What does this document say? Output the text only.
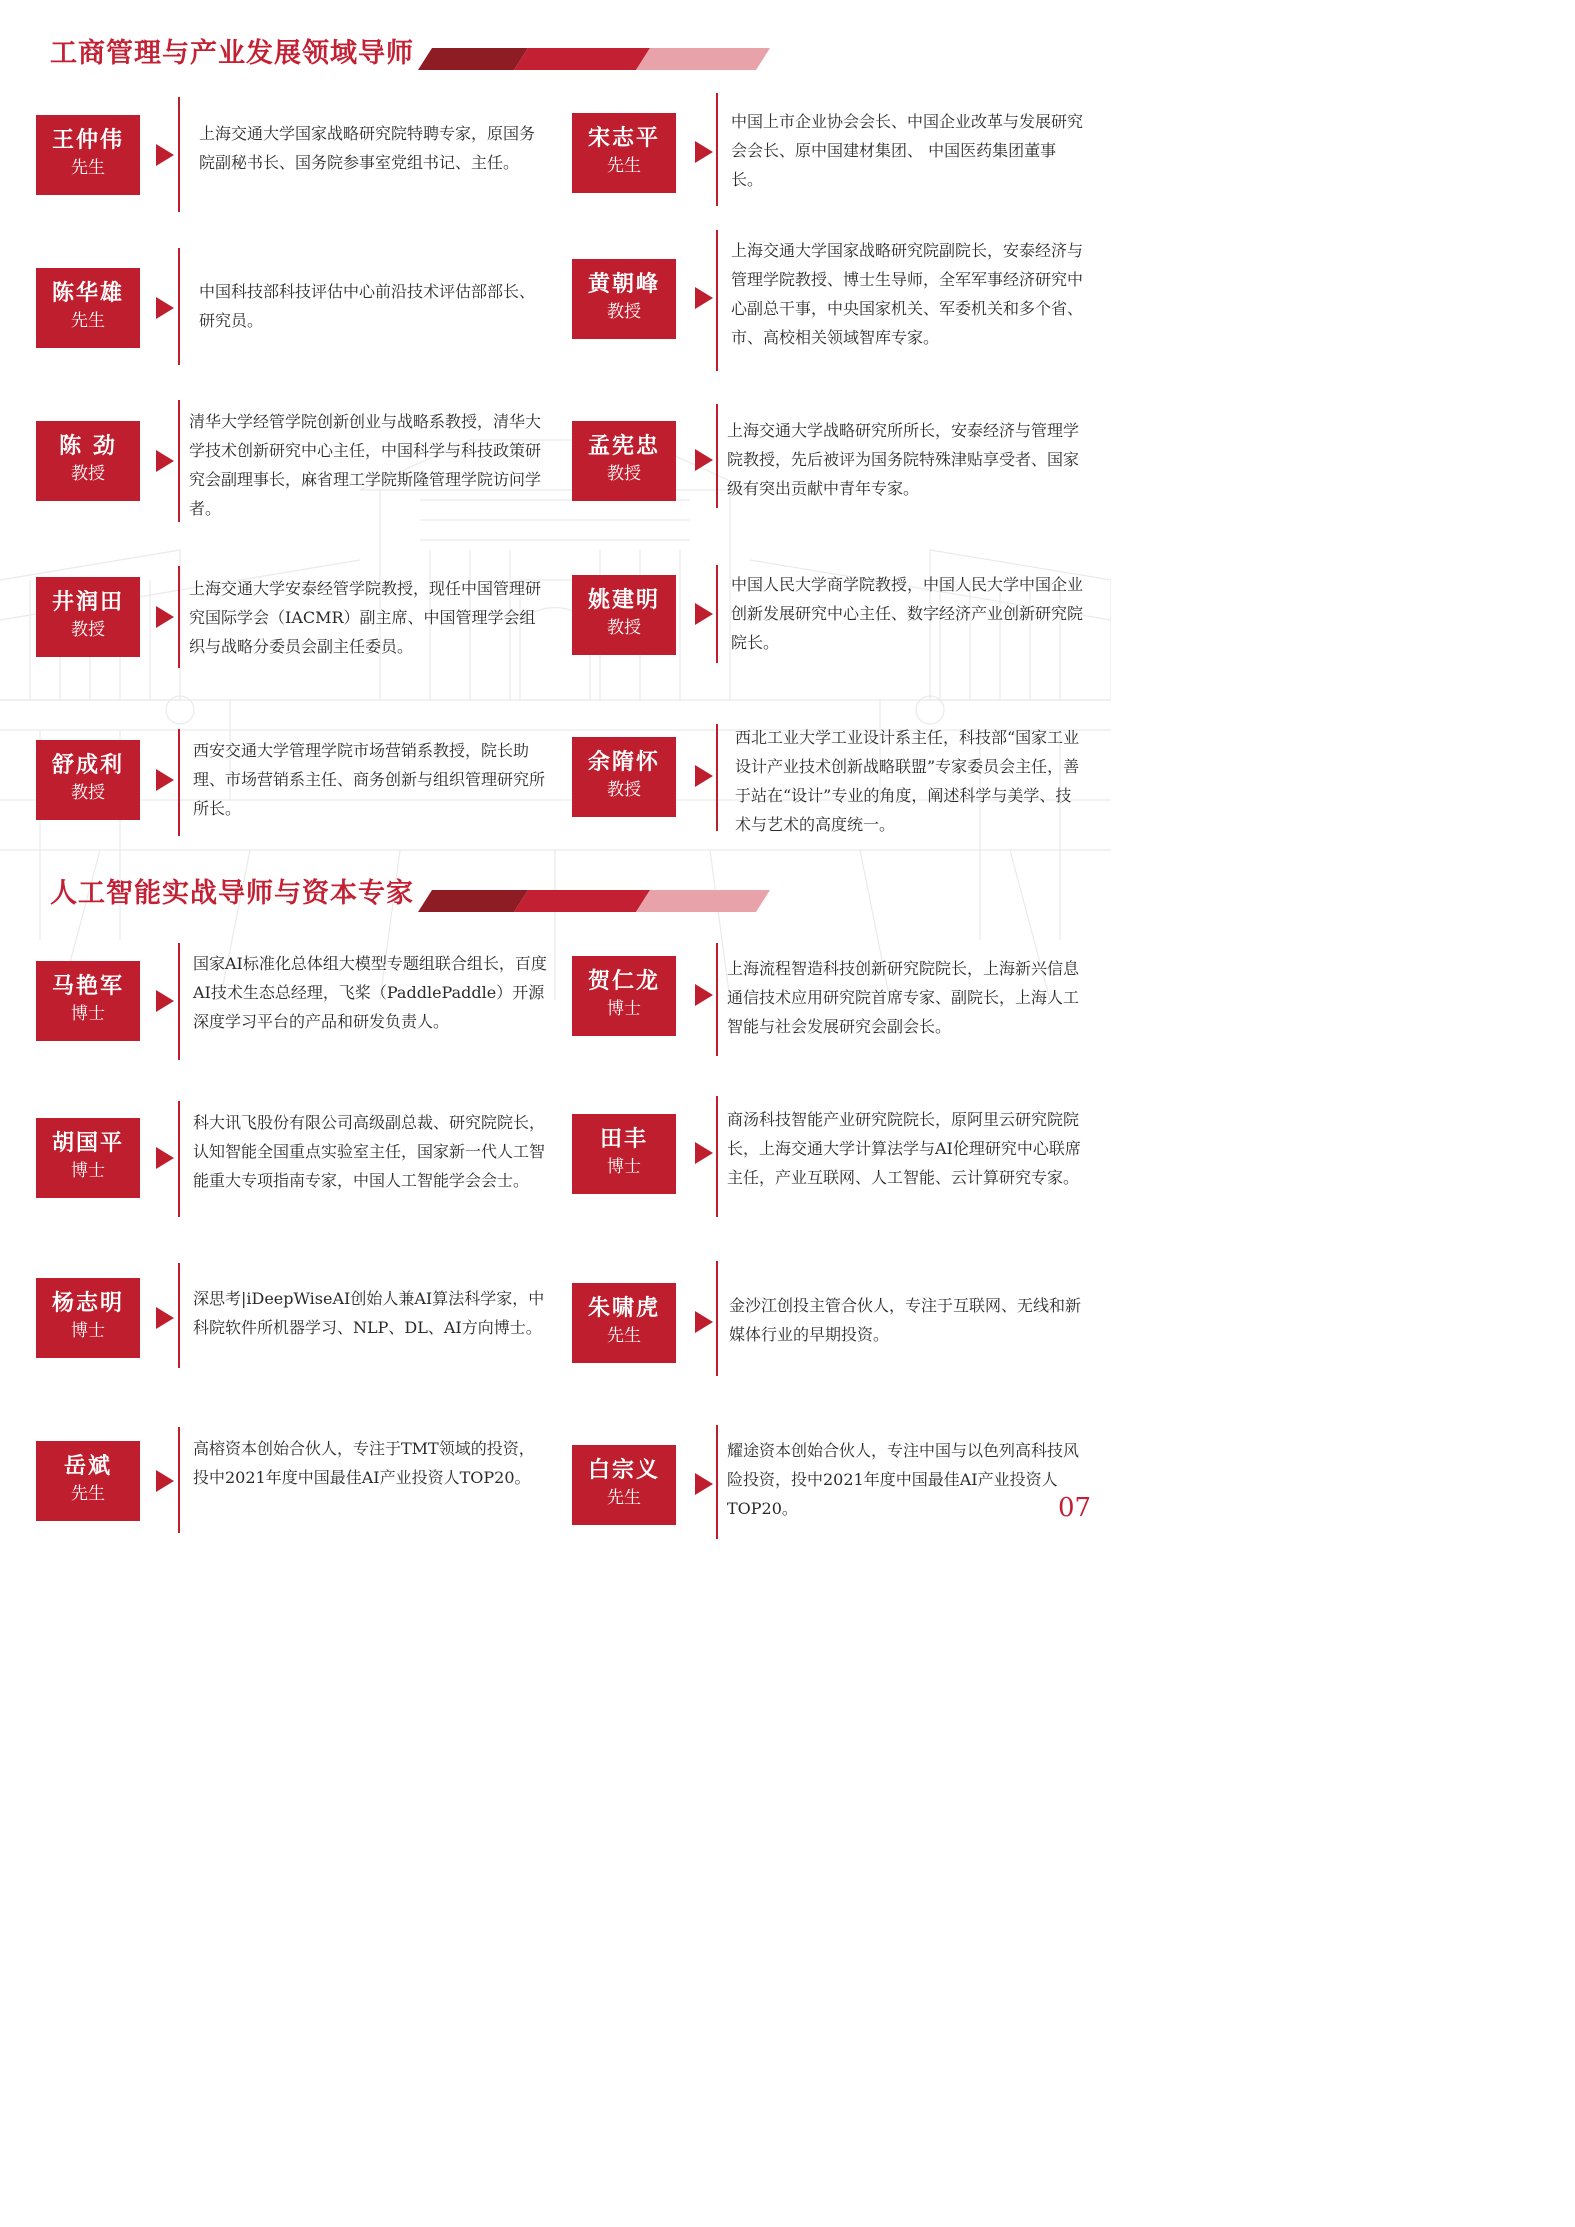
工商管理与产业发展领域导师
王仲伟
先生

上海交通大学国家战略研究院特聘专家，原国务院副秘书长、国务院参事室党组书记、主任。

宋志平
先生

中国上市企业协会会长、中国企业改革与发展研究会会长、原中国建材集团、 中国医药集团董事长。

陈华雄
先生

中国科技部科技评估中心前沿技术评估部部长、研究员。

黄朝峰
教授

上海交通大学国家战略研究院副院长，安泰经济与管理学院教授、博士生导师，全军军事经济研究中心副总干事，中央国家机关、军委机关和多个省、市、高校相关领域智库专家。

陈 劲
教授

清华大学经管学院创新创业与战略系教授，清华大学技术创新研究中心主任，中国科学与科技政策研究会副理事长，麻省理工学院斯隆管理学院访问学者。

孟宪忠
教授

上海交通大学战略研究所所长，安泰经济与管理学院教授，先后被评为国务院特殊津贴享受者、国家级有突出贡献中青年专家。

井润田
教授

上海交通大学安泰经管学院教授，现任中国管理研究国际学会（IACMR）副主席、中国管理学会组织与战略分委员会副主任委员。

姚建明
教授

中国人民大学商学院教授，中国人民大学中国企业创新发展研究中心主任、数字经济产业创新研究院院长。

舒成利
教授

西安交通大学管理学院市场营销系教授，院长助理、市场营销系主任、商务创新与组织管理研究所所长。

余隋怀
教授

西北工业大学工业设计系主任，科技部“国家工业设计产业技术创新战略联盟”专家委员会主任，善于站在“设计”专业的角度，阐述科学与美学、技术与艺术的高度统一。

人工智能实战导师与资本专家
马艳军
博士

国家AI标准化总体组大模型专题组联合组长，百度AI技术生态总经理，飞桨（PaddlePaddle）开源深度学习平台的产品和研发负责人。

贺仁龙
博士

上海流程智造科技创新研究院院长，上海新兴信息通信技术应用研究院首席专家、副院长，上海人工智能与社会发展研究会副会长。

胡国平
博士

科大讯飞股份有限公司高级副总裁、研究院院长，认知智能全国重点实验室主任，国家新一代人工智能重大专项指南专家，中国人工智能学会会士。

田丰
博士

商汤科技智能产业研究院院长，原阿里云研究院院长，上海交通大学计算法学与AI伦理研究中心联席主任，产业互联网、人工智能、云计算研究专家。

杨志明
博士

深思考|iDeepWiseAI创始人兼AI算法科学家，中科院软件所机器学习、NLP、DL、AI方向博士。

朱啸虎
先生

金沙江创投主管合伙人，专注于互联网、无线和新媒体行业的早期投资。

岳斌
先生

高榕资本创始合伙人，专注于TMT领域的投资， 投中2021年度中国最佳AI产业投资人TOP20。	白宗义
先生

耀途资本创始合伙人，专注中国与以色列高科技风险投资，投中2021年度中国最佳AI产业投资人TOP20。	07
